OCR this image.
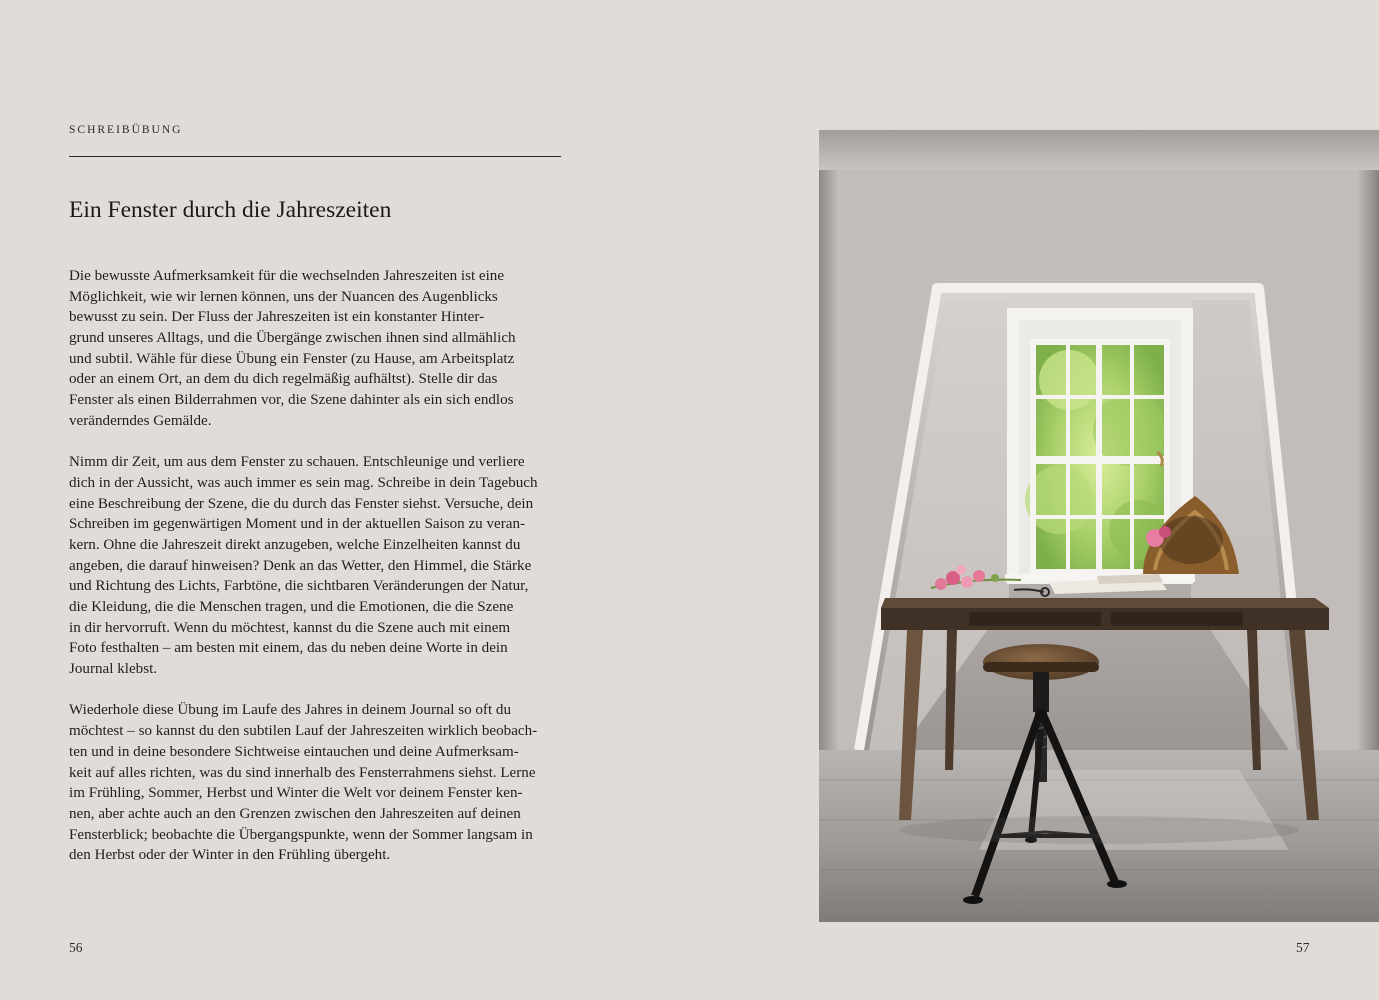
SCHREIBÜBUNG
Ein Fenster durch die Jahreszeiten

Die bewusste Aufmerksamkeit für die wechselnden Jahreszeiten ist eine
Möglichkeit, wie wir lernen können, uns der Nuancen des Augenblicks
bewusst zu sein. Der Fluss der Jahreszeiten ist ein konstanter Hinter-
grund unseres Alltags, und die Übergänge zwischen ihnen sind allmählich
und subtil. Wähle für diese Übung ein Fenster (zu Hause, am Arbeitsplatz
oder an einem Ort, an dem du dich regelmäßig aufhältst). Stelle dir das
Fenster als einen Bilderrahmen vor, die Szene dahinter als ein sich endlos
veränderndes Gemälde.

Nimm dir Zeit, um aus dem Fenster zu schauen. Entschleunige und verliere
dich in der Aussicht, was auch immer es sein mag. Schreibe in dein Tagebuch
eine Beschreibung der Szene, die du durch das Fenster siehst. Versuche, dein
Schreiben im gegenwärtigen Moment und in der aktuellen Saison zu veran-
kern. Ohne die Jahreszeit direkt anzugeben, welche Einzelheiten kannst du
angeben, die darauf hinweisen? Denk an das Wetter, den Himmel, die Stärke
und Richtung des Lichts, Farbtöne, die sichtbaren Veränderungen der Natur,
die Kleidung, die die Menschen tragen, und die Emotionen, die die Szene
in dir hervorruft. Wenn du möchtest, kannst du die Szene auch mit einem
Foto festhalten – am besten mit einem, das du neben deine Worte in dein
Journal klebst.

Wiederhole diese Übung im Laufe des Jahres in deinem Journal so oft du
möchtest – so kannst du den subtilen Lauf der Jahreszeiten wirklich beobach-
ten und in deine besondere Sichtweise eintauchen und deine Aufmerksam-
keit auf alles richten, was du sind innerhalb des Fensterrahmens siehst. Lerne
im Frühling, Sommer, Herbst und Winter die Welt vor deinem Fenster ken-
nen, aber achte auch an den Grenzen zwischen den Jahreszeiten auf deinen
Fensterblick; beobachte die Übergangspunkte, wenn der Sommer langsam in
den Herbst oder der Winter in den Frühling übergeht.

56	57
